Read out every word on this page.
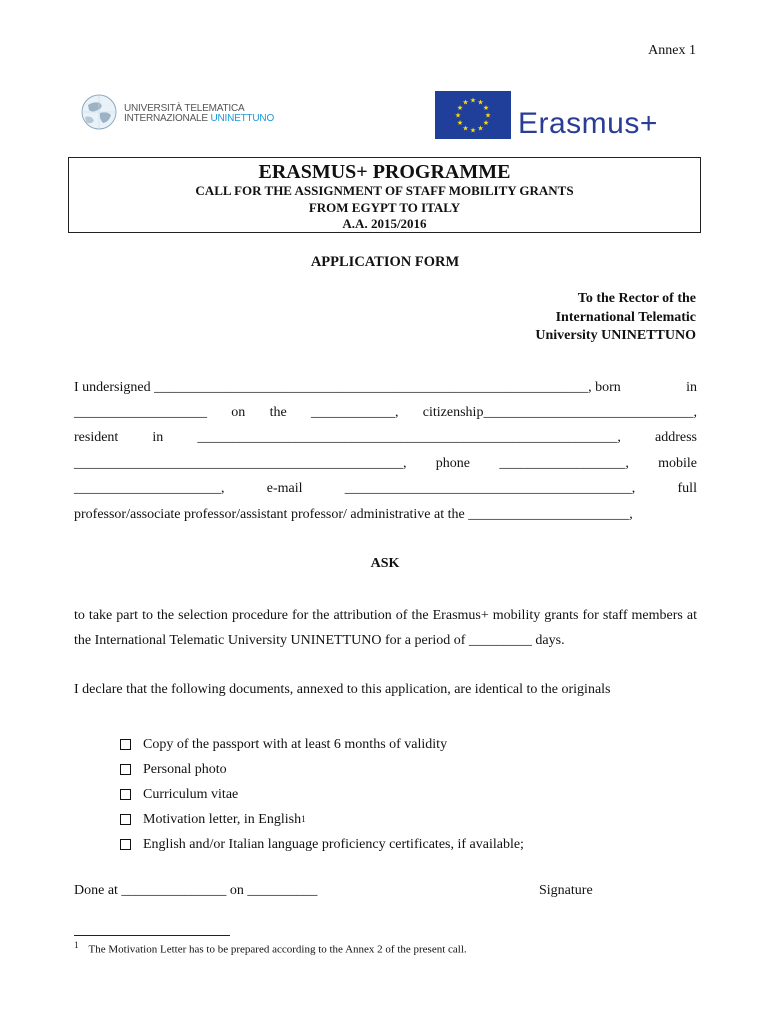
Annex 1
UNIVERSITÀ TELEMATICA
INTERNAZIONALE UNINETTUNO
★ ★
★
★
★
★
★
★
★
★
★
★
Erasmus+
ERASMUS+ PROGRAMME
CALL FOR THE ASSIGNMENT OF STAFF MOBILITY GRANTS
FROM EGYPT TO ITALY
A.A. 2015/2016
APPLICATION FORM
To the Rector of the
International Telematic
University UNINETTUNO
I undersigned ______________________________________________________________, born	in
___________________ on the ____________, citizenship______________________________,
resident in ____________________________________________________________, address
_______________________________________________, phone __________________, mobile
_____________________,	e-mail	_________________________________________,	full
professor/associate professor/assistant professor/ administrative at the _______________________,
ASK
to take part to the selection procedure for the attribution of the Erasmus+ mobility grants for staff members at the International Telematic University UNINETTUNO for a period of _________ days.
I declare that the following documents, annexed to this application, are identical to the originals
Copy of the passport with at least 6 months of validity
Personal photo
Curriculum vitae
Motivation letter, in English 1
English and/or Italian language proficiency certificates, if available;
Done at _______________ on __________	Signature
$^1$ The Motivation Letter has to be prepared according to the Annex 2 of the present call.
